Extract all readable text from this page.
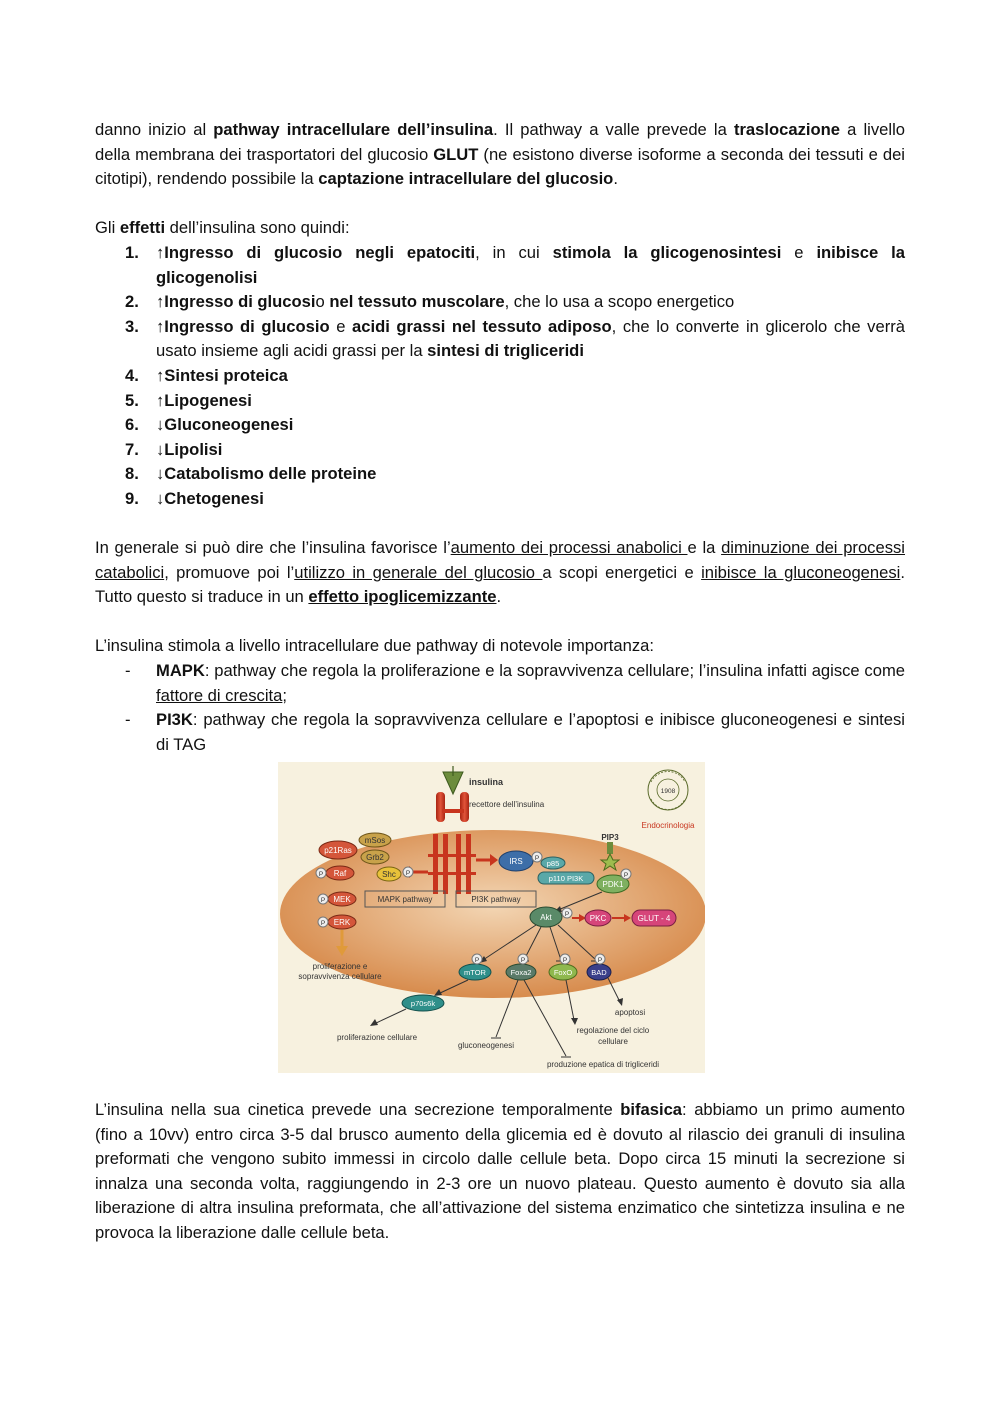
danno inizio al pathway intracellulare dell’insulina. Il pathway a valle prevede la traslocazione a livello della membrana dei trasportatori del glucosio GLUT (ne esistono diverse isoforme a seconda dei tessuti e dei citotipi), rendendo possibile la captazione intracellulare del glucosio.

Gli effetti dell’insulina sono quindi:

1. ↑Ingresso di glucosio negli epatociti, in cui stimola la glicogenosintesi e inibisce la glicogenolisi
2. ↑Ingresso di glucosio nel tessuto muscolare, che lo usa a scopo energetico
3. ↑Ingresso di glucosio e acidi grassi nel tessuto adiposo, che lo converte in glicerolo che verrà usato insieme agli acidi grassi per la sintesi di trigliceridi
4. ↑Sintesi proteica
5. ↑Lipogenesi
6. ↓Gluconeogenesi
7. ↓Lipolisi
8. ↓Catabolismo delle proteine
9. ↓Chetogenesi

In generale si può dire che l’insulina favorisce l’aumento dei processi anabolici e la diminuzione dei processi catabolici, promuove poi l’utilizzo in generale del glucosio a scopi energetici e inibisce la gluconeogenesi. Tutto questo si traduce in un effetto ipoglicemizzante.

L’insulina stimola a livello intracellulare due pathway di notevole importanza:

- MAPK: pathway che regola la proliferazione e la sopravvivenza cellulare; l’insulina infatti agisce come fattore di crescita;
- PI3K: pathway che regola la sopravvivenza cellulare e l’apoptosi e inibisce gluconeogenesi e sintesi di TAG
insulina
recettore dell’insulina
p21Ras
mSos
Grb2
Raf
P	Shc P
MEK
P
ERK
P
MAPK pathway	PI3K pathway
IRS P
p85
p110 PI3K
PIP3
PDK1
P
Akt P	PKC	GLUT - 4
mTOR
P
Foxa2
P
FoxO
P
BAD
P
p70s6k
proliferazione e
sopravvivenza cellulare
proliferazione cellulare
gluconeogenesi
apoptosi
regolazione del ciclo
cellulare
produzione epatica di trigliceridi
1908
Endocrinologia

L’insulina nella sua cinetica prevede una secrezione temporalmente bifasica: abbiamo un primo aumento (fino a 10vv) entro circa 3-5 dal brusco aumento della glicemia ed è dovuto al rilascio dei granuli di insulina preformati che vengono subito immessi in circolo dalle cellule beta. Dopo circa 15 minuti la secrezione si innalza una seconda volta, raggiungendo in 2-3 ore un nuovo plateau. Questo aumento è dovuto sia alla liberazione di altra insulina preformata, che all’attivazione del sistema enzimatico che sintetizza insulina e ne provoca la liberazione dalle cellule beta.
